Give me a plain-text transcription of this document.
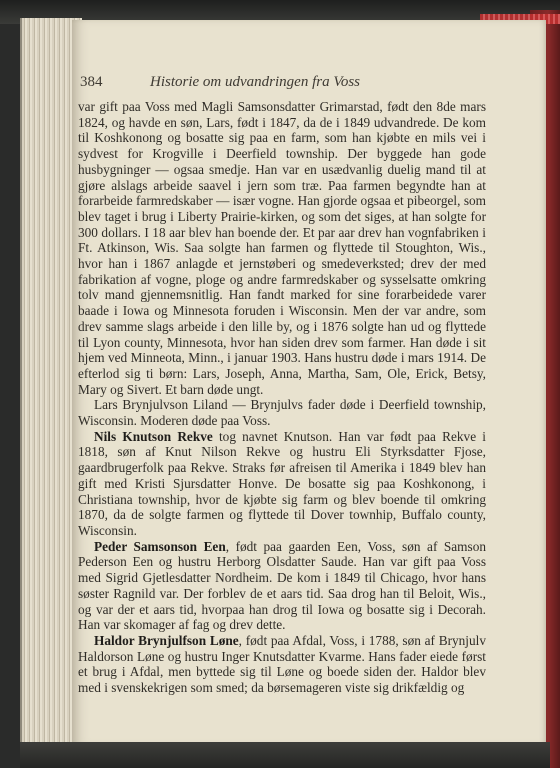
384	Historie om udvandringen fra Voss

var gift paa Voss med Magli Samsonsdatter Grimarstad, født den 8de mars 1824, og havde en søn, Lars, født i 1847, da de i 1849 udvandrede. De kom til Koshkonong og bosatte sig paa en farm, som han kjøbte en mils vei i sydvest for Krogville i Deerfield township. Der byggede han gode husbygninger — ogsaa smedje. Han var en usædvanlig duelig mand til at gjøre alslags arbeide saavel i jern som træ. Paa farmen begyndte han at forarbeide farmredskaber — især vogne. Han gjorde ogsaa et pibeorgel, som blev taget i brug i Liberty Prairie-kirken, og som det siges, at han solgte for 300 dollars. I 18 aar blev han boende der. Et par aar drev han vognfabriken i Ft. Atkinson, Wis. Saa solgte han farmen og flyttede til Stoughton, Wis., hvor han i 1867 anlagde et jernstøberi og smedeverksted; drev der med fabrikation af vogne, ploge og andre farmredskaber og sysselsatte omkring tolv mand gjennemsnitlig. Han fandt marked for sine forarbeidede varer baade i Iowa og Minnesota foruden i Wisconsin. Men der var andre, som drev samme slags arbeide i den lille by, og i 1876 solgte han ud og flyttede til Lyon county, Minnesota, hvor han siden drev som farmer. Han døde i sit hjem ved Minneota, Minn., i januar 1903. Hans hustru døde i mars 1914. De efterlod sig ti børn: Lars, Joseph, Anna, Martha, Sam, Ole, Erick, Betsy, Mary og Sivert. Et barn døde ungt.

Lars Brynjulvson Liland — Brynjulvs fader døde i Deerfield township, Wisconsin. Moderen døde paa Voss.

Nils Knutson Rekve tog navnet Knutson. Han var født paa Rekve i 1818, søn af Knut Nilson Rekve og hustru Eli Styrksdatter Fjose, gaardbrugerfolk paa Rekve. Straks før afreisen til Amerika i 1849 blev han gift med Kristi Sjursdatter Honve. De bosatte sig paa Koshkonong, i Christiana township, hvor de kjøbte sig farm og blev boende til omkring 1870, da de solgte farmen og flyttede til Dover townhip, Buffalo county, Wisconsin.

Peder Samsonson Een, født paa gaarden Een, Voss, søn af Samson Pederson Een og hustru Herborg Olsdatter Saude. Han var gift paa Voss med Sigrid Gjetlesdatter Nordheim. De kom i 1849 til Chicago, hvor hans søster Ragnild var. Der forblev de et aars tid. Saa drog han til Beloit, Wis., og var der et aars tid, hvorpaa han drog til Iowa og bosatte sig i Decorah. Han var skomager af fag og drev dette.

Haldor Brynjulfson Løne, født paa Afdal, Voss, i 1788, søn af Brynjulv Haldorson Løne og hustru Inger Knutsdatter Kvarme. Hans fader eiede først et brug i Afdal, men byttede sig til Løne og boede siden der. Haldor blev med i svenskekrigen som smed; da børsemageren viste sig drikfældig og
